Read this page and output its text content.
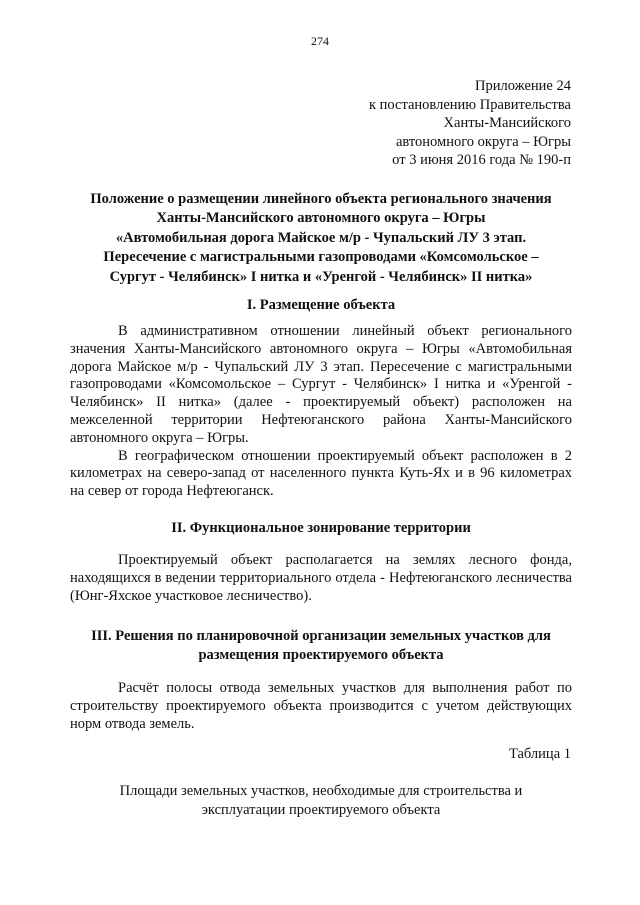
274
Приложение 24
к постановлению Правительства
Ханты-Мансийского
автономного округа – Югры
от 3 июня 2016 года № 190-п
Положение о размещении линейного объекта регионального значения
Ханты-Мансийского автономного округа – Югры
«Автомобильная дорога Майское м/р - Чупальский ЛУ 3 этап.
Пересечение с магистральными газопроводами «Комсомольское –
Сургут - Челябинск» I нитка и «Уренгой - Челябинск» II нитка»
I. Размещение объекта

В административном отношении линейный объект регионального значения Ханты-Мансийского автономного округа – Югры «Автомобильная дорога Майское м/р - Чупальский ЛУ 3 этап. Пересечение с магистральными газопроводами «Комсомольское – Сургут - Челябинск» I нитка и «Уренгой - Челябинск» II нитка» (далее - проектируемый объект) расположен на межселенной территории Нефтеюганского района Ханты-Мансийского автономного округа – Югры.

В географическом отношении проектируемый объект расположен в 2 километрах на северо-запад от населенного пункта Куть-Ях и в 96 километрах на север от города Нефтеюганск.

II. Функциональное зонирование территории

Проектируемый объект располагается на землях лесного фонда, находящихся в ведении территориального отдела - Нефтеюганского лесничества (Юнг-Яхское участковое лесничество).

III. Решения по планировочной организации земельных участков для
размещения проектируемого объекта

Расчёт полосы отвода земельных участков для выполнения работ по строительству проектируемого объекта производится с учетом действующих норм отвода земель.

Таблица 1
Площади земельных участков, необходимые для строительства и
эксплуатации проектируемого объекта
